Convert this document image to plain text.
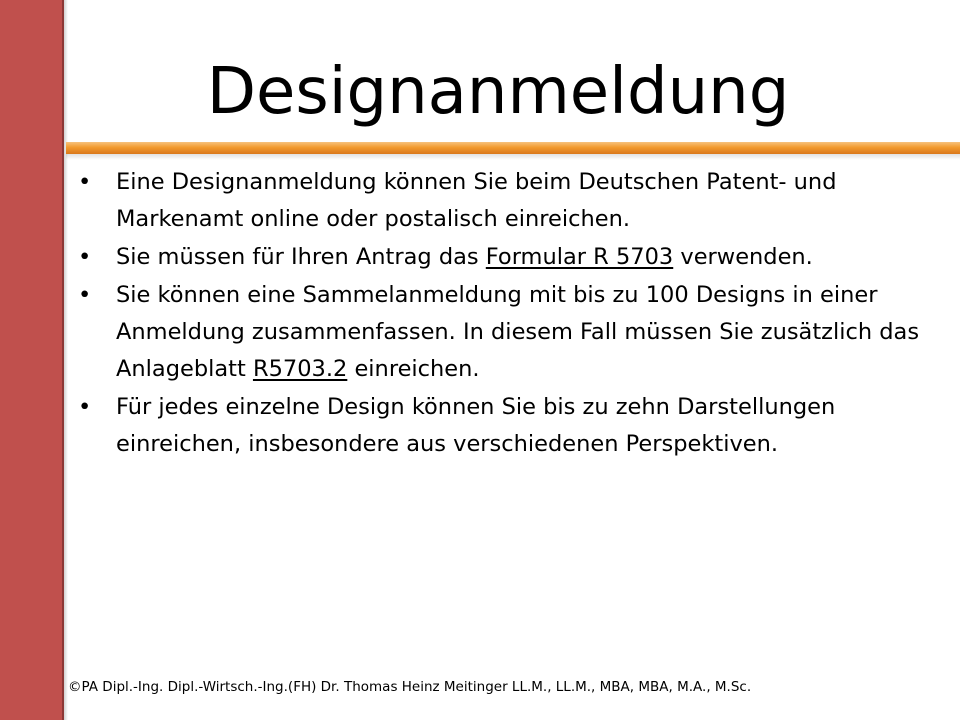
Designanmeldung
• Eine Designanmeldung können Sie beim Deutschen Patent- und Markenamt online oder postalisch einreichen.
• Sie müssen für Ihren Antrag das Formular R 5703 verwenden.
• Sie können eine Sammelanmeldung mit bis zu 100 Designs in einer Anmeldung zusammenfassen. In diesem Fall müssen Sie zusätzlich das Anlageblatt R5703.2 einreichen.
• Für jedes einzelne Design können Sie bis zu zehn Darstellungen einreichen, insbesondere aus verschiedenen Perspektiven.
©PA Dipl.-Ing. Dipl.-Wirtsch.-Ing.(FH) Dr. Thomas Heinz Meitinger LL.M., LL.M., MBA, MBA, M.A., M.Sc.
